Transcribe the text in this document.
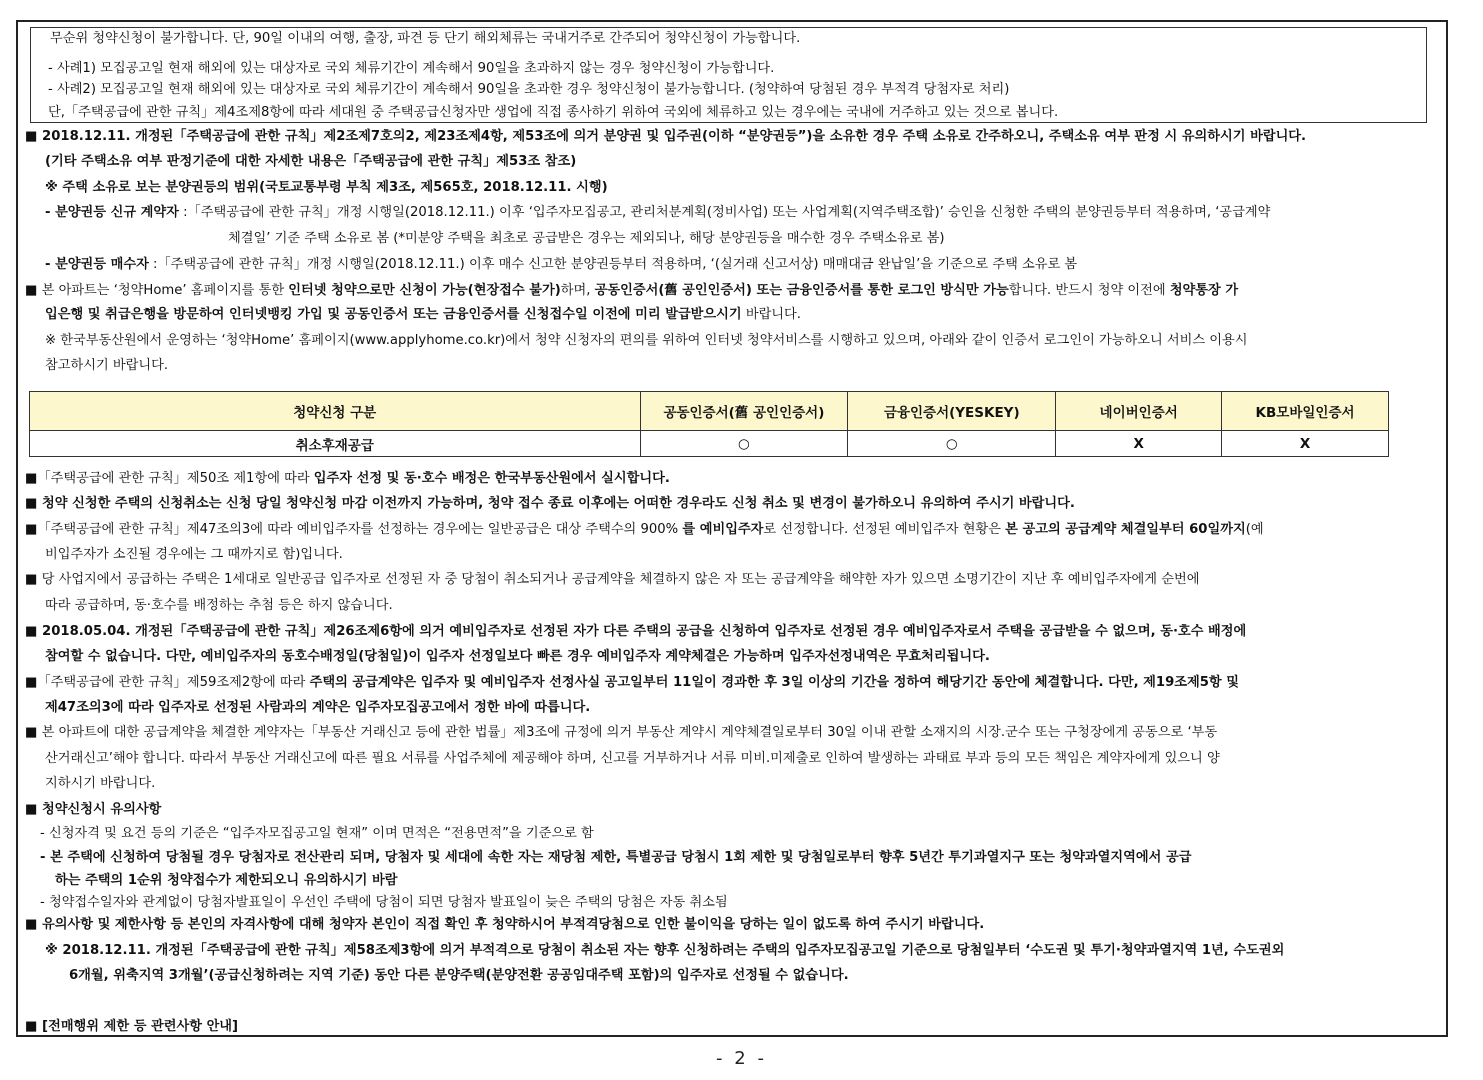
무순위 청약신청이 불가합니다. 단, 90일 이내의 여행, 출장, 파견 등 단기 해외체류는 국내거주로 간주되어 청약신청이 가능합니다.
- 사례1) 모집공고일 현재 해외에 있는 대상자로 국외 체류기간이 계속해서 90일을 초과하지 않는 경우 청약신청이 가능합니다.
- 사례2) 모집공고일 현재 해외에 있는 대상자로 국외 체류기간이 계속해서 90일을 초과한 경우 청약신청이 불가능합니다. (청약하여 당첨된 경우 부적격 당첨자로 처리)
단,「주택공급에 관한 규칙」제4조제8항에 따라 세대원 중 주택공급신청자만 생업에 직접 종사하기 위하여 국외에 체류하고 있는 경우에는 국내에 거주하고 있는 것으로 봅니다.
■ 2018.12.11. 개정된「주택공급에 관한 규칙」제2조제7호의2, 제23조제4항, 제53조에 의거 분양권 및 입주권(이하 “분양권등”)을 소유한 경우 주택 소유로 간주하오니, 주택소유 여부 판정 시 유의하시기 바랍니다.
(기타 주택소유 여부 판정기준에 대한 자세한 내용은「주택공급에 관한 규칙」제53조 참조)
※ 주택 소유로 보는 분양권등의 범위(국토교통부령 부칙 제3조, 제565호, 2018.12.11. 시행)
- 분양권등 신규 계약자 :「주택공급에 관한 규칙」개정 시행일(2018.12.11.) 이후 ‘입주자모집공고, 관리처분계획(정비사업) 또는 사업계획(지역주택조합)’ 승인을 신청한 주택의 분양권등부터 적용하며, ‘공급계약
체결일’ 기준 주택 소유로 봄 (*미분양 주택을 최초로 공급받은 경우는 제외되나, 해당 분양권등을 매수한 경우 주택소유로 봄)
- 분양권등 매수자 :「주택공급에 관한 규칙」개정 시행일(2018.12.11.) 이후 매수 신고한 분양권등부터 적용하며, ‘(실거래 신고서상) 매매대금 완납일’을 기준으로 주택 소유로 봄
■ 본 아파트는 ‘청약Home’ 홈페이지를 통한 인터넷 청약으로만 신청이 가능(현장접수 불가)하며, 공동인증서(舊 공인인증서) 또는 금융인증서를 통한 로그인 방식만 가능합니다. 반드시 청약 이전에 청약통장 가
입은행 및 취급은행을 방문하여 인터넷뱅킹 가입 및 공동인증서 또는 금융인증서를 신청접수일 이전에 미리 발급받으시기 바랍니다.
※ 한국부동산원에서 운영하는 ‘청약Home’ 홈페이지(www.applyhome.co.kr)에서 청약 신청자의 편의를 위하여 인터넷 청약서비스를 시행하고 있으며, 아래와 같이 인증서 로그인이 가능하오니 서비스 이용시
참고하시기 바랍니다.
청약신청 구분	공동인증서(舊 공인인증서)	금융인증서(YESKEY)	네이버인증서	KB모바일인증서
취소후재공급	○	○	X	X
■「주택공급에 관한 규칙」제50조 제1항에 따라 입주자 선정 및 동·호수 배정은 한국부동산원에서 실시합니다.
■ 청약 신청한 주택의 신청취소는 신청 당일 청약신청 마감 이전까지 가능하며, 청약 접수 종료 이후에는 어떠한 경우라도 신청 취소 및 변경이 불가하오니 유의하여 주시기 바랍니다.
■「주택공급에 관한 규칙」제47조의3에 따라 예비입주자를 선정하는 경우에는 일반공급은 대상 주택수의 900% 를 예비입주자로 선정합니다. 선정된 예비입주자 현황은 본 공고의 공급계약 체결일부터 60일까지(예
비입주자가 소진될 경우에는 그 때까지로 함)입니다.
■ 당 사업지에서 공급하는 주택은 1세대로 일반공급 입주자로 선정된 자 중 당첨이 취소되거나 공급계약을 체결하지 않은 자 또는 공급계약을 해약한 자가 있으면 소명기간이 지난 후 예비입주자에게 순번에
따라 공급하며, 동·호수를 배정하는 추첨 등은 하지 않습니다.
■ 2018.05.04. 개정된「주택공급에 관한 규칙」제26조제6항에 의거 예비입주자로 선정된 자가 다른 주택의 공급을 신청하여 입주자로 선정된 경우 예비입주자로서 주택을 공급받을 수 없으며, 동·호수 배정에
참여할 수 없습니다. 다만, 예비입주자의 동호수배정일(당첨일)이 입주자 선정일보다 빠른 경우 예비입주자 계약체결은 가능하며 입주자선정내역은 무효처리됩니다.
■「주택공급에 관한 규칙」제59조제2항에 따라 주택의 공급계약은 입주자 및 예비입주자 선정사실 공고일부터 11일이 경과한 후 3일 이상의 기간을 정하여 해당기간 동안에 체결합니다. 다만, 제19조제5항 및
제47조의3에 따라 입주자로 선정된 사람과의 계약은 입주자모집공고에서 정한 바에 따릅니다.
■ 본 아파트에 대한 공급계약을 체결한 계약자는「부동산 거래신고 등에 관한 법률」제3조에 규정에 의거 부동산 계약시 계약체결일로부터 30일 이내 관할 소재지의 시장.군수 또는 구청장에게 공동으로 ‘부동
산거래신고’해야 합니다. 따라서 부동산 거래신고에 따른 필요 서류를 사업주체에 제공해야 하며, 신고를 거부하거나 서류 미비.미제출로 인하여 발생하는 과태료 부과 등의 모든 책임은 계약자에게 있으니 양
지하시기 바랍니다.
■ 청약신청시 유의사항
- 신청자격 및 요건 등의 기준은 “입주자모집공고일 현재” 이며 면적은 “전용면적”을 기준으로 함
- 본 주택에 신청하여 당첨될 경우 당첨자로 전산관리 되며, 당첨자 및 세대에 속한 자는 재당첨 제한, 특별공급 당첨시 1회 제한 및 당첨일로부터 향후 5년간 투기과열지구 또는 청약과열지역에서 공급
하는 주택의 1순위 청약접수가 제한되오니 유의하시기 바람
- 청약접수일자와 관계없이 당첨자발표일이 우선인 주택에 당첨이 되면 당첨자 발표일이 늦은 주택의 당첨은 자동 취소됨
■ 유의사항 및 제한사항 등 본인의 자격사항에 대해 청약자 본인이 직접 확인 후 청약하시어 부적격당첨으로 인한 불이익을 당하는 일이 없도록 하여 주시기 바랍니다.
※ 2018.12.11. 개정된「주택공급에 관한 규칙」제58조제3항에 의거 부적격으로 당첨이 취소된 자는 향후 신청하려는 주택의 입주자모집공고일 기준으로 당첨일부터 ‘수도권 및 투기·청약과열지역 1년, 수도권외
6개월, 위축지역 3개월’(공급신청하려는 지역 기준) 동안 다른 분양주택(분양전환 공공임대주택 포함)의 입주자로 선정될 수 없습니다.
■ [전매행위 제한 등 관련사항 안내]
- 2 -
